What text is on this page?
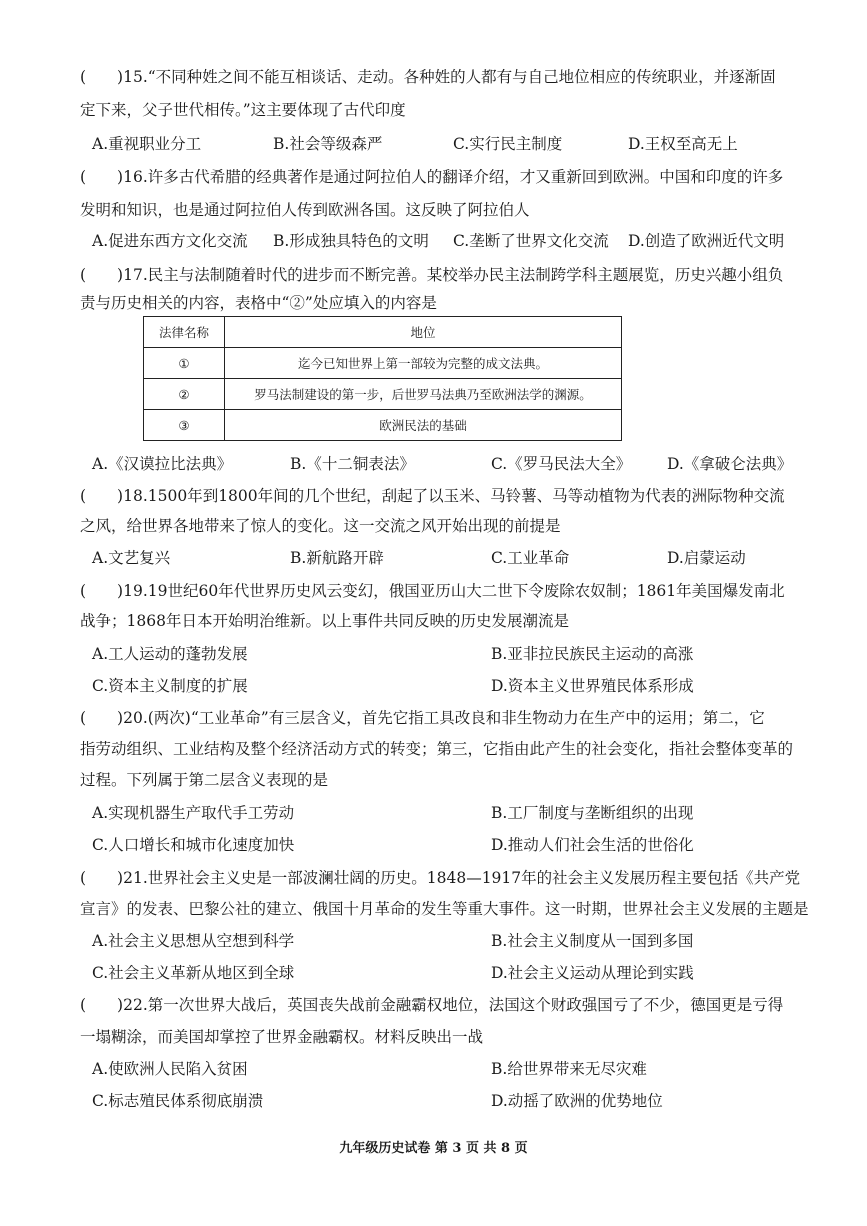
(　　)15.“不同种姓之间不能互相谈话、走动。各种姓的人都有与自己地位相应的传统职业，并逐渐固
定下来，父子世代相传。”这主要体现了古代印度
A.重视职业分工	B.社会等级森严	C.实行民主制度	D.王权至高无上
(　　)16.许多古代希腊的经典著作是通过阿拉伯人的翻译介绍，才又重新回到欧洲。中国和印度的许多
发明和知识，也是通过阿拉伯人传到欧洲各国。这反映了阿拉伯人
A.促进东西方文化交流 B.形成独具特色的文明 C.垄断了世界文化交流 D.创造了欧洲近代文明
(　　)17.民主与法制随着时代的进步而不断完善。某校举办民主法制跨学科主题展览，历史兴趣小组负
责与历史相关的内容，表格中“②”处应填入的内容是
法律名称	地位
①	迄今已知世界上第一部较为完整的成文法典。
②	罗马法制建设的第一步，后世罗马法典乃至欧洲法学的渊源。
③	欧洲民法的基础
A.《汉谟拉比法典》	B.《十二铜表法》	C.《罗马民法大全》 D.《拿破仑法典》
(　　)18.1500年到1800年间的几个世纪，刮起了以玉米、马铃薯、马等动植物为代表的洲际物种交流
之风，给世界各地带来了惊人的变化。这一交流之风开始出现的前提是
A.文艺复兴	B.新航路开辟	C.工业革命	D.启蒙运动
(　　)19.19世纪60年代世界历史风云变幻，俄国亚历山大二世下令废除农奴制；1861年美国爆发南北
战争；1868年日本开始明治维新。以上事件共同反映的历史发展潮流是
A.工人运动的蓬勃发展	B.亚非拉民族民主运动的高涨
C.资本主义制度的扩展	D.资本主义世界殖民体系形成
(　　)20.(两次)“工业革命”有三层含义，首先它指工具改良和非生物动力在生产中的运用；第二，它
指劳动组织、工业结构及整个经济活动方式的转变；第三，它指由此产生的社会变化，指社会整体变革的
过程。下列属于第二层含义表现的是
A.实现机器生产取代手工劳动	B.工厂制度与垄断组织的出现
C.人口增长和城市化速度加快	D.推动人们社会生活的世俗化
(　　)21.世界社会主义史是一部波澜壮阔的历史。1848—1917年的社会主义发展历程主要包括《共产党
宣言》的发表、巴黎公社的建立、俄国十月革命的发生等重大事件。这一时期，世界社会主义发展的主题是
A.社会主义思想从空想到科学	B.社会主义制度从一国到多国
C.社会主义革新从地区到全球	D.社会主义运动从理论到实践
(　　)22.第一次世界大战后，英国丧失战前金融霸权地位，法国这个财政强国亏了不少，德国更是亏得
一塌糊涂，而美国却掌控了世界金融霸权。材料反映出一战
A.使欧洲人民陷入贫困	B.给世界带来无尽灾难
C.标志殖民体系彻底崩溃	D.动摇了欧洲的优势地位
九年级历史试卷 第 3 页 共 8 页
